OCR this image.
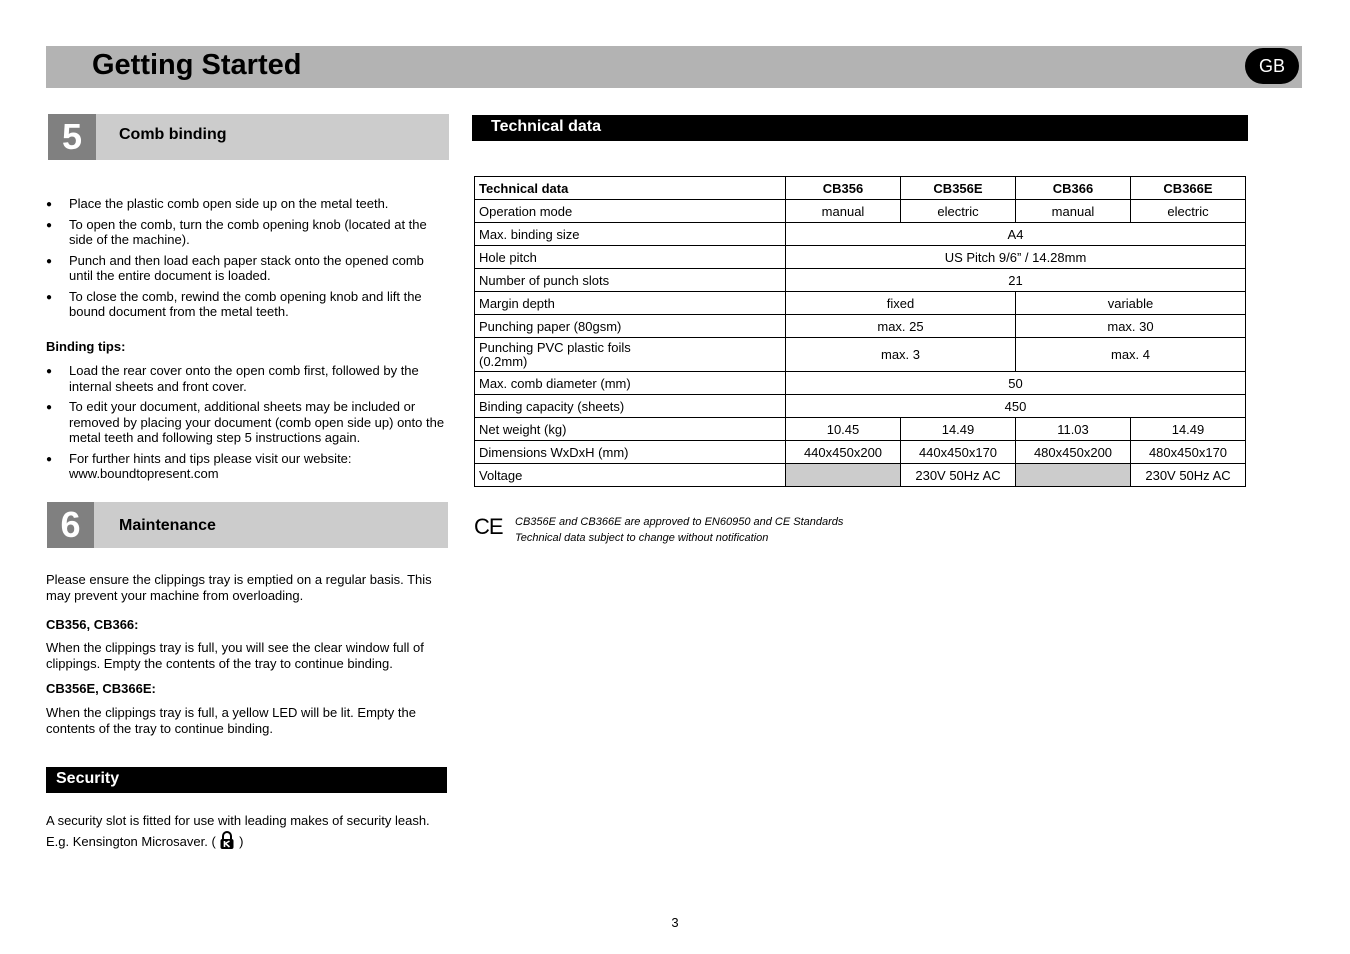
Getting Started	GB
5	Comb binding
● Place the plastic comb open side up on the metal teeth.
● To open the comb, turn the comb opening knob (located at the side of the machine).
● Punch and then load each paper stack onto the opened comb until the entire document is loaded.
● To close the comb, rewind the comb opening knob and lift the bound document from the metal teeth.
Binding tips:
● Load the rear cover onto the open comb first, followed by the internal sheets and front cover.
● To edit your document, additional sheets may be included or removed by placing your document (comb open side up) onto the metal teeth and following step 5 instructions again.
● For further hints and tips please visit our website: www.boundtopresent.com
6	Maintenance
Please ensure the clippings tray is emptied on a regular basis. This may prevent your machine from overloading.
CB356, CB366:
When the clippings tray is full, you will see the clear window full of clippings. Empty the contents of the tray to continue binding.
CB356E, CB366E:
When the clippings tray is full, a yellow LED will be lit. Empty the contents of the tray to continue binding.
Security
A security slot is fitted for use with leading makes of security leash.
E.g. Kensington Microsaver. ( )
Technical data
Technical data	CB356	CB356E	CB366	CB366E
Operation mode	manual	electric	manual	electric
Max. binding size	A4			
Hole pitch	US Pitch 9/6” / 14.28mm			
Number of punch slots	21			
Margin depth	fixed		variable	
Punching paper (80gsm)	max. 25		max. 30	

Punching PVC plastic foils
(0.2mm)	max. 3		max. 4	
Max. comb diameter (mm)	50			
Binding capacity (sheets)	450			
Net weight (kg)	10.45	14.49	11.03	14.49
Dimensions WxDxH (mm)	440x450x200	440x450x170	480x450x200	480x450x170
Voltage		230V 50Hz AC		230V 50Hz AC
CE CB356E and CB366E are approved to EN60950 and CE Standards
Technical data subject to change without notification
3
